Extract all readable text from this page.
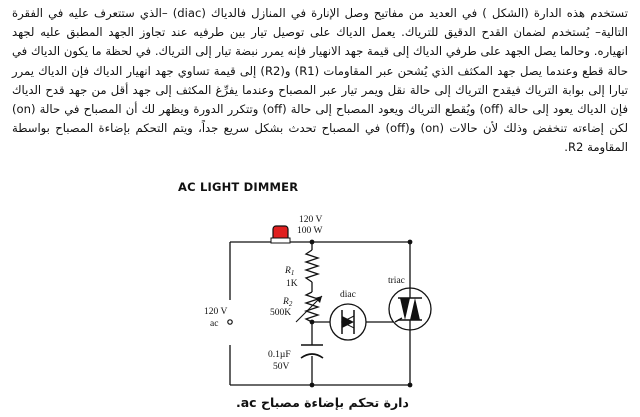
تستخدم هذه الدارة (الشكل ) في العديد من مفاتيح وصل الإنارة في المنازل فالدياك (diac) –الذي ستتعرف عليه في الفقرة التالية– يُستخدم لضمان القدح الدقيق للترياك. يعمل الدياك على توصيل تيار بين طرفيه عند تجاوز الجهد المطبق عليه لجهد انهياره. وحالما يصل الجهد على طرفي الدياك إلى قيمة جهد الانهيار فإنه يمرر نبضة تيار إلى الترياك. في لحظة ما يكون الدياك في حالة قطع وعندما يصل جهد المكثف الذي يُشحن عبر المقاومات (R1) و(R2) إلى قيمة تساوي جهد انهيار الدياك فإن الدياك يمرر تيارا إلى بوابة الترياك فيقدح الترياك إلى حالة نقل ويمر تيار عبر المصباح وعندما يفرِّغ المكثف إلى جهد أقل من جهد قدح الدياك فإن الدياك يعود إلى حالة (off) ويُقطع الترياك ويعود المصباح إلى حالة (off) وتتكرر الدورة ويظهر لك أن المصباح في حالة (on) لكن إضاءته تنخفض وذلك لأن حالات (on) و(off) في المصباح تحدث بشكل سريع جداً، ويتم التحكم بإضاءة المصباح بواسطة المقاومة R2.

AC LIGHT DIMMER
120 V
100 W
$R_1$
1K
$R_2$
500K
120 V
ac
0.1µF
50V
diac
triac
دارة تحكم بإضاءة مصباح ac.
